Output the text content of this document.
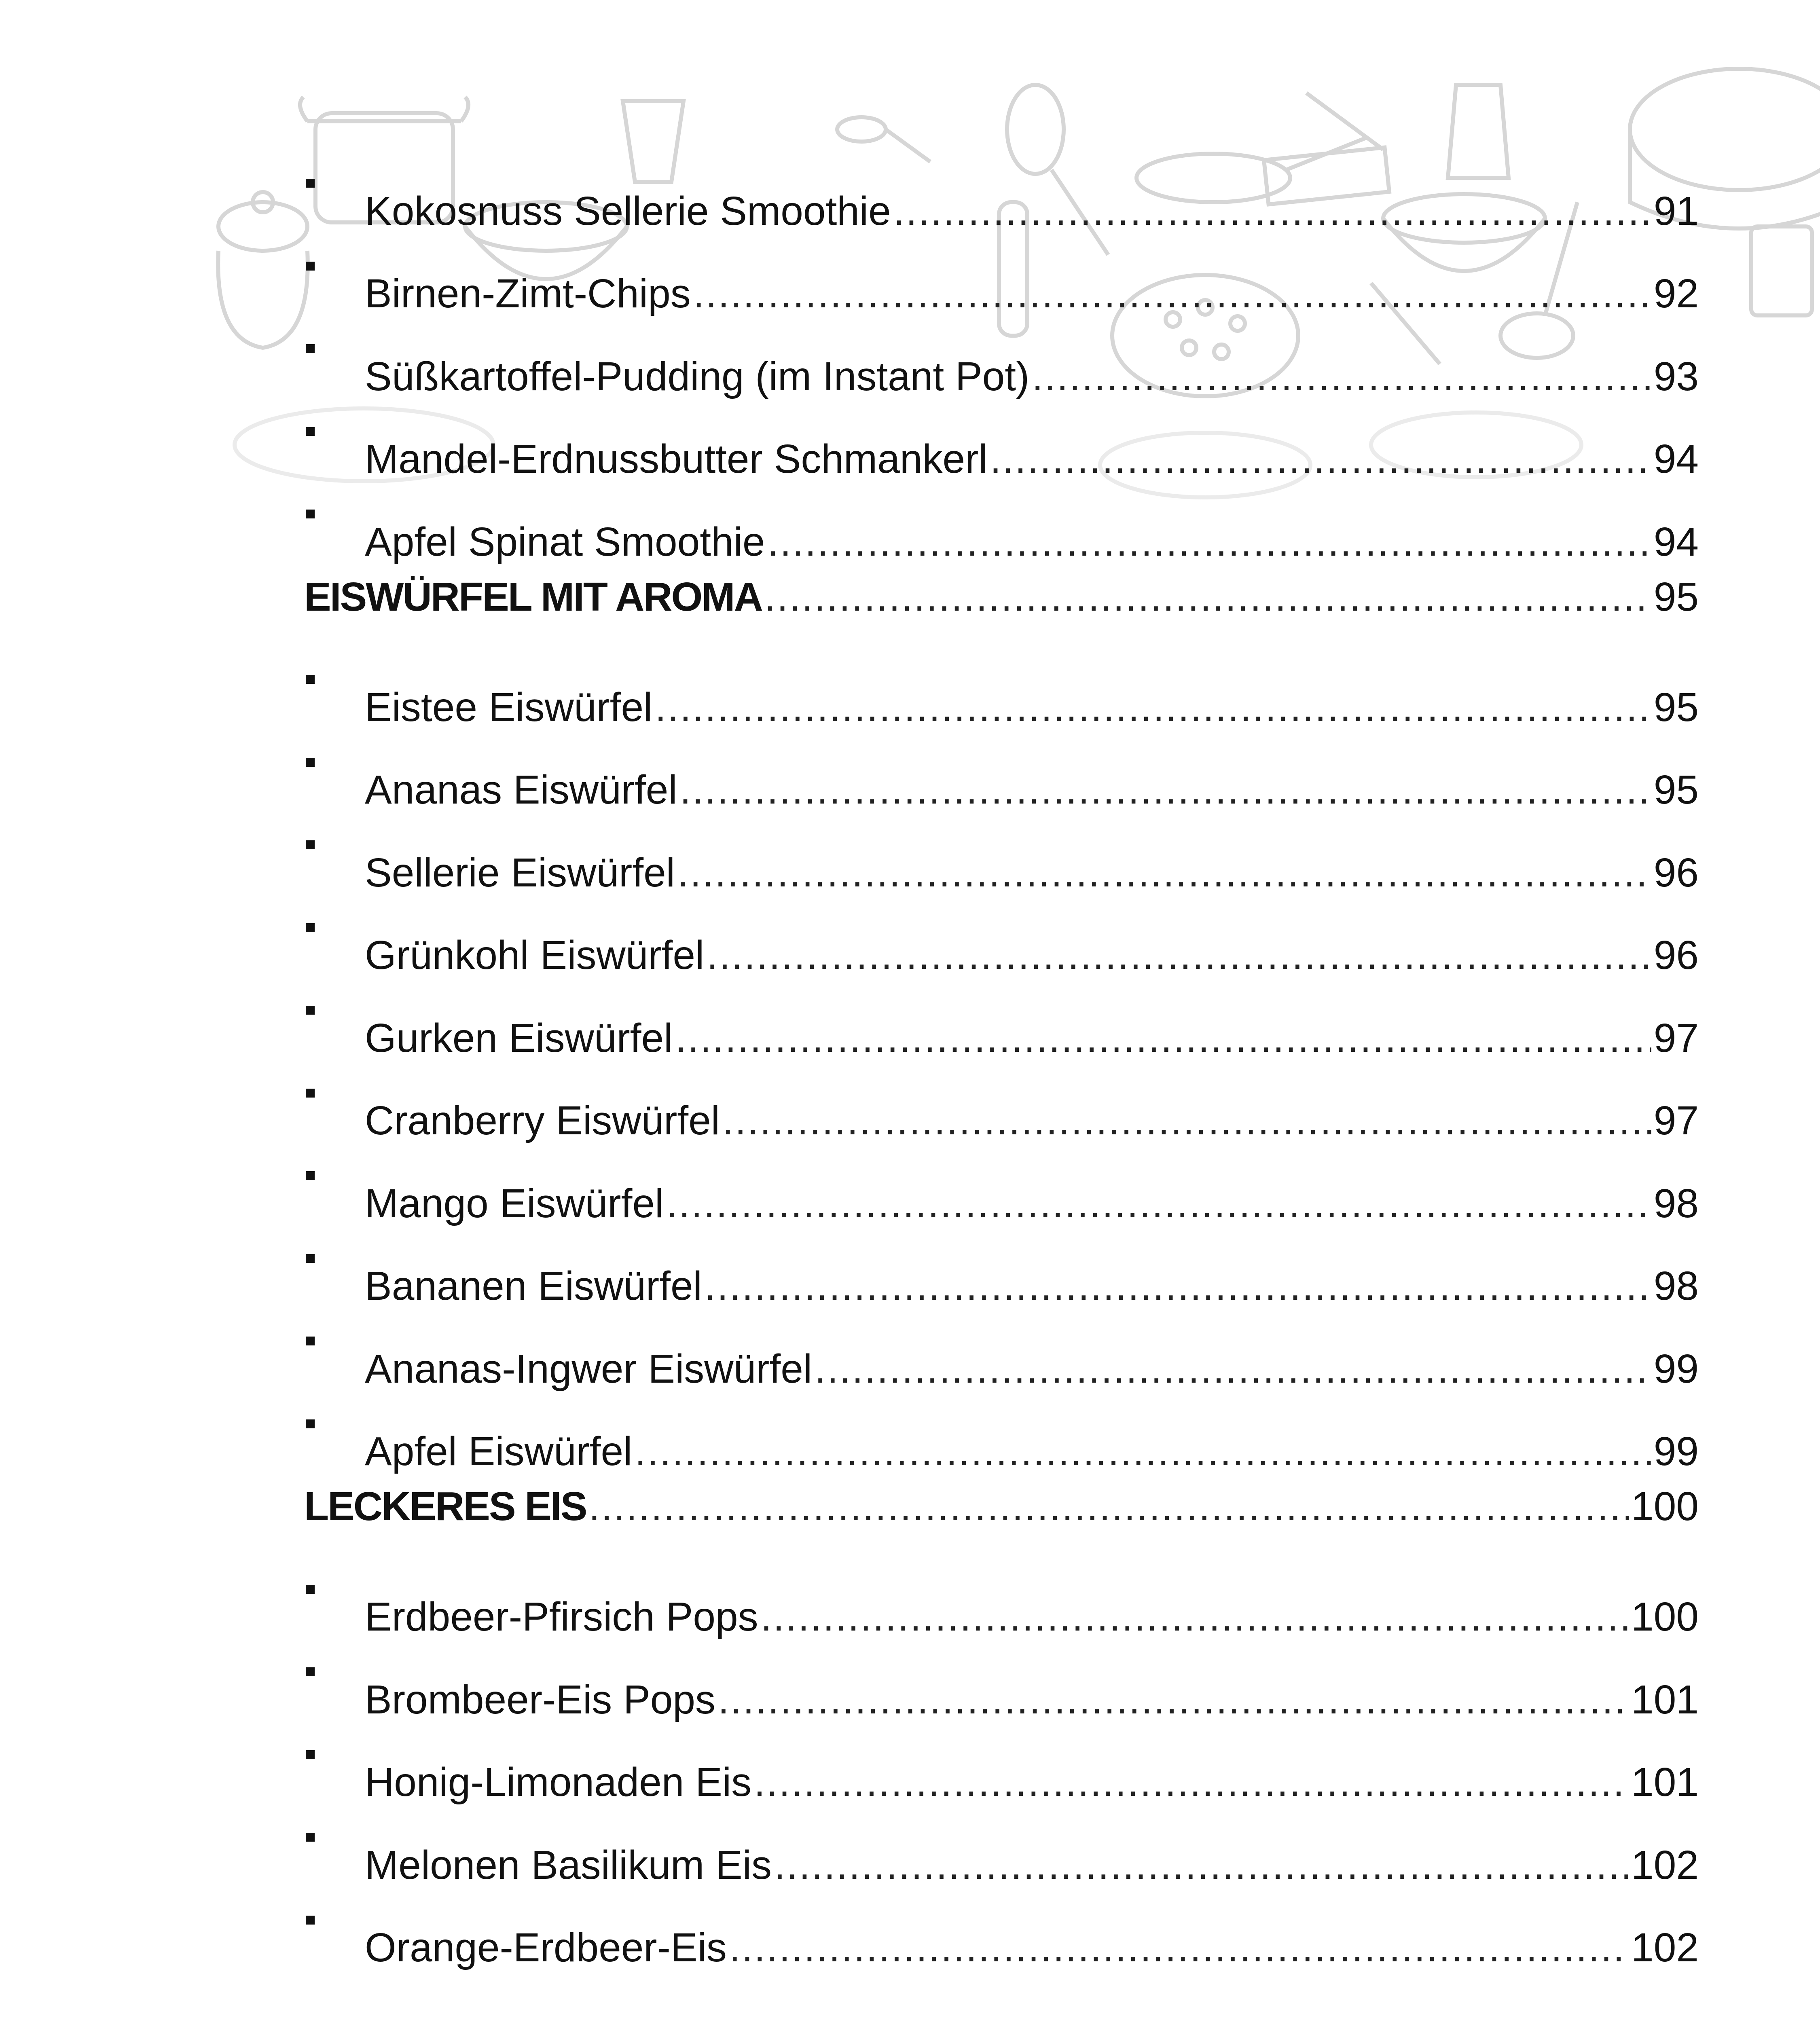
Kokosnuss Sellerie Smoothie .....	91
Birnen-Zimt-Chips .....	92
Süßkartoffel-Pudding (im Instant Pot) .....	93
Mandel-Erdnussbutter Schmankerl .....	94
Apfel Spinat Smoothie .....	94
EISWÜRFEL MIT AROMA .....	95
Eistee Eiswürfel .....	95
Ananas Eiswürfel .....	95
Sellerie Eiswürfel .....	96
Grünkohl Eiswürfel .....	96
Gurken Eiswürfel .....	97
Cranberry Eiswürfel .....	97
Mango Eiswürfel .....	98
Bananen Eiswürfel .....	98
Ananas-Ingwer Eiswürfel .....	99
Apfel Eiswürfel .....	99
LECKERES EIS .....	100
Erdbeer-Pfirsich Pops .....	100
Brombeer-Eis Pops .....	101
Honig-Limonaden Eis .....	101
Melonen Basilikum Eis .....	102
Orange-Erdbeer-Eis .....	102
